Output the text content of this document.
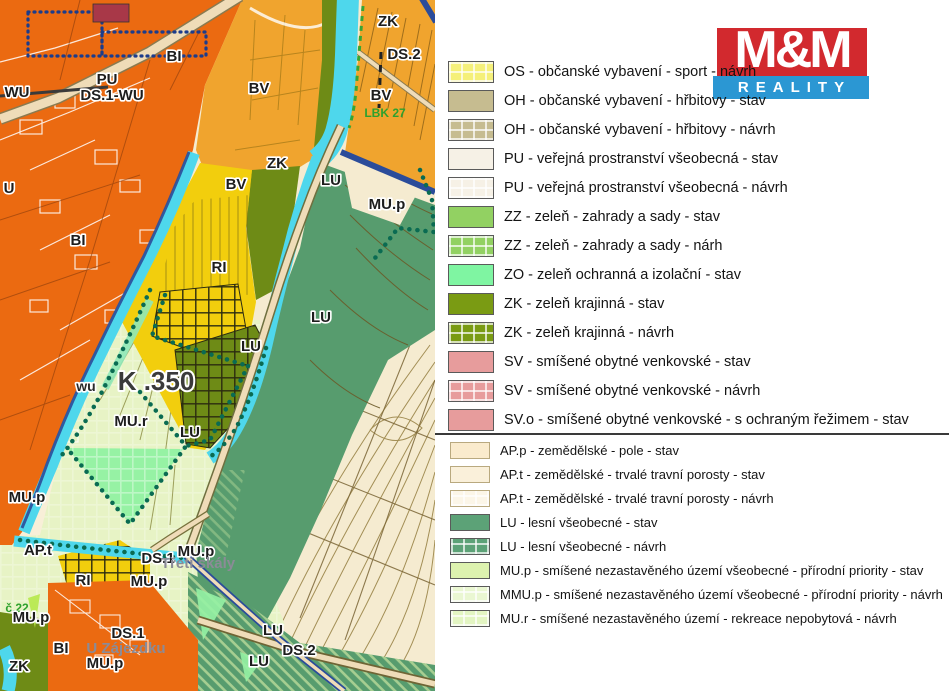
ZK
DS.2
BI
PU
DS.1-WU
WU	BV	BV
LBK 27
ZK
BV	LU
U
MU.p
BI
RI
LU
LU
wu K .350
MU.r
LU
MU.p
AP.t	MU.p
DS.1
Třetí skály
RI	MU.p
č.22
MU.p
LU
DS.1
BI U Zájezdku	DS.2
LU
MU.p
ZK
M&M
REALITY
OS - občanské vybavení - sport - návrh
OH - občanské vybavení - hřbitovy - stav
OH - občanské vybavení - hřbitovy - návrh
PU - veřejná prostranství všeobecná - stav
PU - veřejná prostranství všeobecná - návrh
ZZ - zeleň - zahrady a sady - stav
ZZ - zeleň - zahrady a sady - nárh
ZO - zeleň ochranná a izolační - stav
ZK - zeleň krajinná - stav
ZK - zeleň krajinná - návrh
SV - smíšené obytné venkovské - stav
SV - smíšené obytné venkovské - návrh
SV.o - smíšené obytné venkovské - s ochraným řežimem - stav
AP.p - zemědělské - pole - stav
AP.t - zemědělské - trvalé travní porosty - stav
AP.t - zemědělské - trvalé travní porosty - návrh
LU - lesní všeobecné - stav
LU - lesní všeobecné - návrh
MU.p - smíšené nezastavěného území všeobecné - přírodní priority - stav
MMU.p - smíšené nezastavěného území všeobecné - přírodní priority - návrh
MU.r - smíšené nezastavěného území - rekreace nepobytová - návrh
